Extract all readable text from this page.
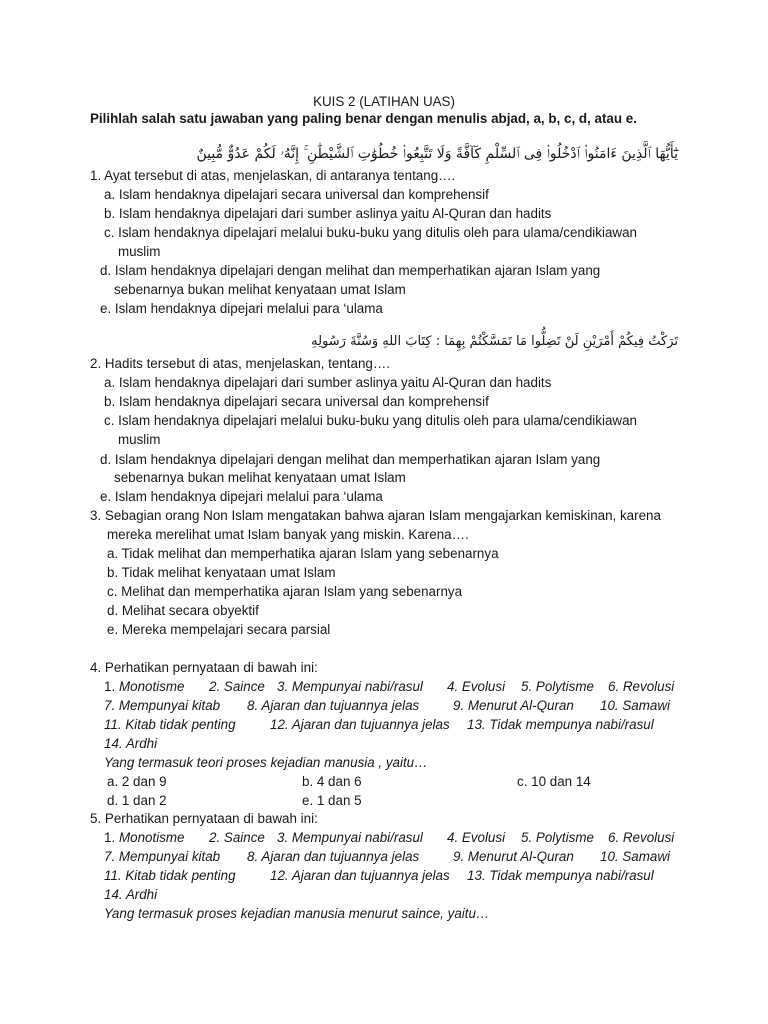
KUIS 2 (LATIHAN UAS)
Pilihlah salah satu jawaban yang paling benar dengan menulis abjad, a, b, c, d, atau e.
يَٰٓأَيُّهَا ٱلَّذِينَ ءَامَنُوا۟ ٱدْخُلُوا۟ فِى ٱلسِّلْمِ كَآفَّةً وَلَا تَتَّبِعُوا۟ خُطُوَٰتِ ٱلشَّيْطَٰنِ ۚ إِنَّهُۥ لَكُمْ عَدُوٌّ مُّبِينٌ
1. Ayat tersebut di atas, menjelaskan, di antaranya tentang….
a. Islam hendaknya dipelajari secara universal dan komprehensif
b. Islam hendaknya dipelajari dari sumber aslinya yaitu Al-Quran dan hadits
c. Islam hendaknya dipelajari melalui buku-buku yang ditulis oleh para ulama/cendikiawan
muslim
d. Islam hendaknya dipelajari dengan melihat dan memperhatikan ajaran Islam yang
sebenarnya bukan melihat kenyataan umat Islam
e. Islam hendaknya dipejari melalui para ‘ulama
تَرَكْتُ فِيكُمْ أَمْرَيْنِ لَنْ تَضِلُّوا مَا تَمَسَّكْتُمْ بِهِمَا : كِتَابَ اللهِ وَسُنَّةَ رَسُولِهِ
2. Hadits tersebut di atas, menjelaskan, tentang….
a. Islam hendaknya dipelajari dari sumber aslinya yaitu Al-Quran dan hadits
b. Islam hendaknya dipelajari secara universal dan komprehensif
c. Islam hendaknya dipelajari melalui buku-buku yang ditulis oleh para ulama/cendikiawan
muslim
d. Islam hendaknya dipelajari dengan melihat dan memperhatikan ajaran Islam yang
sebenarnya bukan melihat kenyataan umat Islam
e. Islam hendaknya dipejari melalui para ‘ulama
3. Sebagian orang Non Islam mengatakan bahwa ajaran Islam mengajarkan kemiskinan, karena
mereka merelihat umat Islam banyak yang miskin. Karena….
a. Tidak melihat dan memperhatika ajaran Islam yang sebenarnya
b. Tidak melihat kenyataan umat Islam
c. Melihat dan memperhatika ajaran Islam yang sebenarnya
d. Melihat secara obyektif
e. Mereka mempelajari secara parsial
4. Perhatikan pernyataan di bawah ini:
1. Monotisme 2. Saince 3. Mempunyai nabi/rasul 4. Evolusi 5. Polytisme 6. Revolusi
7. Mempunyai kitab 8. Ajaran dan tujuannya jelas	9. Menurut Al-Quran 10. Samawi
11. Kitab tidak penting	12. Ajaran dan tujuannya jelas 13. Tidak mempunya nabi/rasul
14. Ardhi
Yang termasuk teori proses kejadian manusia , yaitu…
a. 2 dan 9	b. 4 dan 6	c. 10 dan 14
d. 1 dan 2	e. 1 dan 5
5. Perhatikan pernyataan di bawah ini:
1. Monotisme 2. Saince 3. Mempunyai nabi/rasul 4. Evolusi 5. Polytisme 6. Revolusi
7. Mempunyai kitab 8. Ajaran dan tujuannya jelas	9. Menurut Al-Quran 10. Samawi
11. Kitab tidak penting	12. Ajaran dan tujuannya jelas 13. Tidak mempunya nabi/rasul
14. Ardhi
Yang termasuk proses kejadian manusia menurut saince, yaitu…
